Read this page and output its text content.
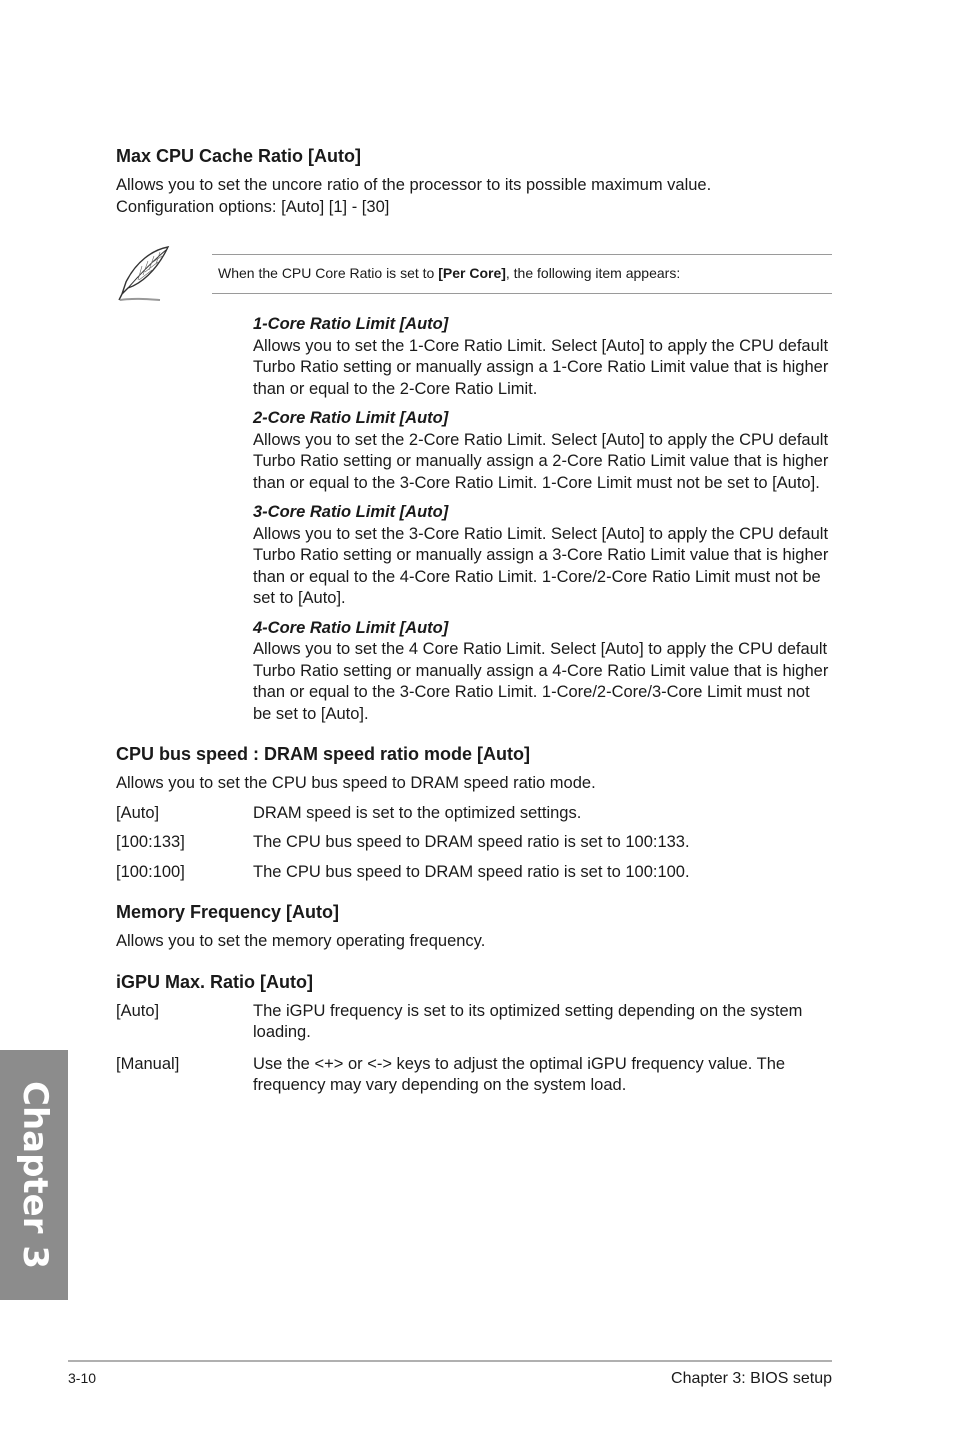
Max CPU Cache Ratio [Auto]

Allows you to set the uncore ratio of the processor to its possible maximum value.

Configuration options: [Auto] [1] - [30]

When the CPU Core Ratio is set to [Per Core], the following item appears:
1-Core Ratio Limit [Auto]

Allows you to set the 1-Core Ratio Limit. Select [Auto] to apply the CPU default Turbo Ratio setting or manually assign a 1-Core Ratio Limit value that is higher than or equal to the 2-Core Ratio Limit.

2-Core Ratio Limit [Auto]

Allows you to set the 2-Core Ratio Limit. Select [Auto] to apply the CPU default Turbo Ratio setting or manually assign a 2-Core Ratio Limit value that is higher than or equal to the 3-Core Ratio Limit. 1-Core Limit must not be set to [Auto].

3-Core Ratio Limit [Auto]

Allows you to set the 3-Core Ratio Limit. Select [Auto] to apply the CPU default Turbo Ratio setting or manually assign a 3-Core Ratio Limit value that is higher than or equal to the 4-Core Ratio Limit. 1-Core/2-Core Ratio Limit must not be set to [Auto].

4-Core Ratio Limit [Auto]

Allows you to set the 4 Core Ratio Limit. Select [Auto] to apply the CPU default Turbo Ratio setting or manually assign a 4-Core Ratio Limit value that is higher than or equal to the 3-Core Ratio Limit. 1-Core/2-Core/3-Core Limit must not be set to [Auto].

CPU bus speed : DRAM speed ratio mode [Auto]

Allows you to set the CPU bus speed to DRAM speed ratio mode.

[Auto]	DRAM speed is set to the optimized settings.
[100:133]	The CPU bus speed to DRAM speed ratio is set to 100:133.
[100:100]	The CPU bus speed to DRAM speed ratio is set to 100:100.
Memory Frequency [Auto]

Allows you to set the memory operating frequency.

iGPU Max. Ratio [Auto]
[Auto]	The iGPU frequency is set to its optimized setting depending on the system loading.
[Manual]	Use the <+> or <-> keys to adjust the optimal iGPU frequency value. The frequency may vary depending on the system load.
Chapter 3
3-10	Chapter 3: BIOS setup
